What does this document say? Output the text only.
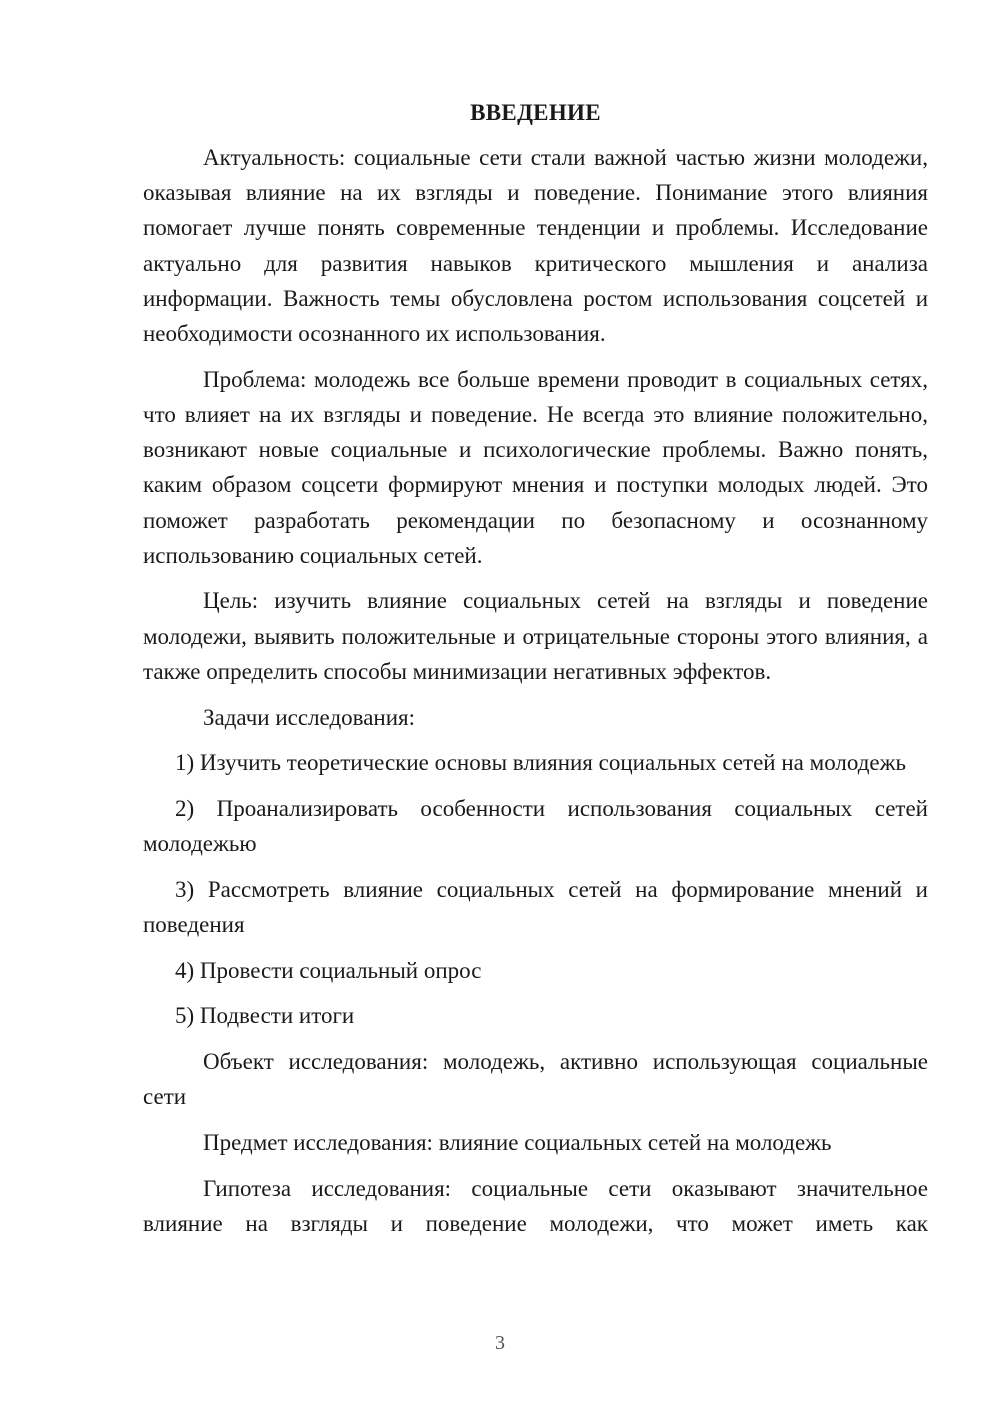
ВВЕДЕНИЕ

Актуальность: социальные сети стали важной частью жизни молодежи, оказывая влияние на их взгляды и поведение. Понимание этого влияния помогает лучше понять современные тенденции и проблемы. Исследование актуально для развития навыков критического мышления и анализа информации. Важность темы обусловлена ростом использования соцсетей и необходимости осознанного их использования.

Проблема: молодежь все больше времени проводит в социальных сетях, что влияет на их взгляды и поведение. Не всегда это влияние положительно, возникают новые социальные и психологические проблемы. Важно понять, каким образом соцсети формируют мнения и поступки молодых людей. Это поможет разработать рекомендации по безопасному и осознанному использованию социальных сетей.

Цель: изучить влияние социальных сетей на взгляды и поведение молодежи, выявить положительные и отрицательные стороны этого влияния, а также определить способы минимизации негативных эффектов.

Задачи исследования:

1) Изучить теоретические основы влияния социальных сетей на молодежь

2) Проанализировать особенности использования социальных сетей молодежью

3) Рассмотреть влияние социальных сетей на формирование мнений и поведения

4) Провести социальный опрос

5) Подвести итоги

Объект исследования: молодежь, активно использующая социальные сети

Предмет исследования: влияние социальных сетей на молодежь

Гипотеза исследования: социальные сети оказывают значительное влияние на взгляды и поведение молодежи, что может иметь как

3
